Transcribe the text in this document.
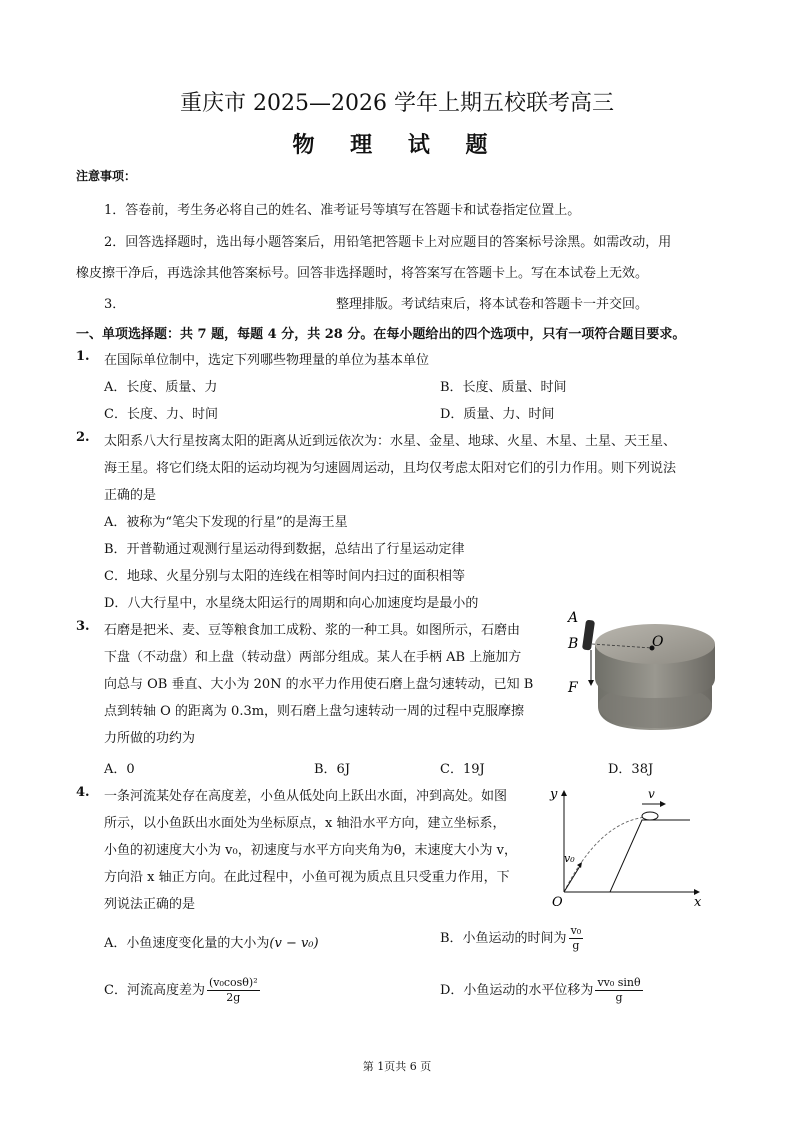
重庆市 2025—2026 学年上期五校联考高三
物 理 试 题
注意事项：
1．答卷前，考生务必将自己的姓名、准考证号等填写在答题卡和试卷指定位置上。
2．回答选择题时，选出每小题答案后，用铅笔把答题卡上对应题目的答案标号涂黑。如需改动，用
橡皮擦干净后，再选涂其他答案标号。回答非选择题时，将答案写在答题卡上。写在本试卷上无效。
3．	整理排版。考试结束后，将本试卷和答题卡一并交回。
一、单项选择题：共 7 题，每题 4 分，共 28 分。在每小题给出的四个选项中，只有一项符合题目要求。
1. 在国际单位制中，选定下列哪些物理量的单位为基本单位
A．长度、质量、力	B．长度、质量、时间
C．长度、力、时间	D．质量、力、时间
2. 太阳系八大行星按离太阳的距离从近到远依次为：水星、金星、地球、火星、木星、土星、天王星、
海王星。将它们绕太阳的运动均视为匀速圆周运动，且均仅考虑太阳对它们的引力作用。则下列说法
正确的是
A．被称为“笔尖下发现的行星”的是海王星
B．开普勒通过观测行星运动得到数据，总结出了行星运动定律
C．地球、火星分别与太阳的连线在相等时间内扫过的面积相等
D．八大行星中，水星绕太阳运行的周期和向心加速度均是最小的
3. 石磨是把米、麦、豆等粮食加工成粉、浆的一种工具。如图所示，石磨由
下盘（不动盘）和上盘（转动盘）两部分组成。某人在手柄 AB 上施加方
向总与 OB 垂直、大小为 20N 的水平力作用使石磨上盘匀速转动，已知 B
点到转轴 O 的距离为 0.3m，则石磨上盘匀速转动一周的过程中克服摩擦
力所做的功约为
A
B	O
F
A．0	B．6J	C．19J	D．38J
4. 一条河流某处存在高度差，小鱼从低处向上跃出水面，冲到高处。如图
所示，以小鱼跃出水面处为坐标原点，x 轴沿水平方向，建立坐标系，
小鱼的初速度大小为 v₀，初速度与水平方向夹角为θ，末速度大小为 v，
方向沿 x 轴正方向。在此过程中，小鱼可视为质点且只受重力作用，下
列说法正确的是
y
x
O
v
v₀
A．小鱼速度变化量的大小为(v − v₀)	B．小鱼运动的时间为 $\frac{\text{v₀}}{g}$
C．河流高度差为 $\frac{\text{(v₀cosθ)²}}{2g}$	D．小鱼运动的水平位移为 $\frac{\text{vv₀ sinθ}}{g}$
第 1页共 6 页
